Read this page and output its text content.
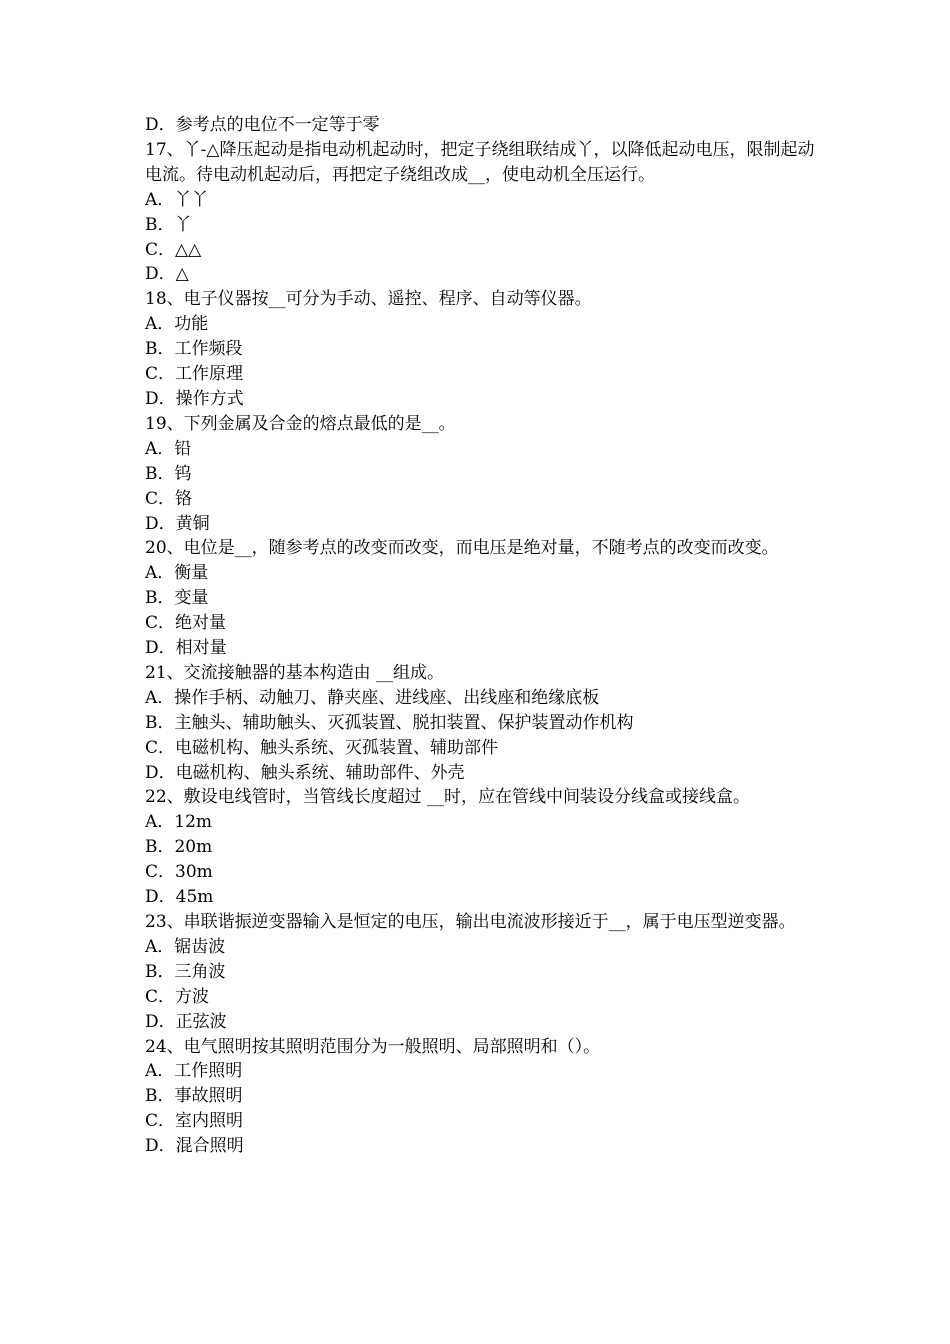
D．参考点的电位不一定等于零

17、丫-△降压起动是指电动机起动时，把定子绕组联结成丫，以降低起动电压，限制起动电流。待电动机起动后，再把定子绕组改成__，使电动机全压运行。

A．丫丫

B．丫

C．△△

D．△

18、电子仪器按__可分为手动、遥控、程序、自动等仪器。

A．功能

B．工作频段

C．工作原理

D．操作方式

19、下列金属及合金的熔点最低的是__。

A．铅

B．钨

C．铬

D．黄铜

20、电位是__，随参考点的改变而改变，而电压是绝对量，不随考点的改变而改变。

A．衡量

B．变量

C．绝对量

D．相对量

21、交流接触器的基本构造由 __组成。

A．操作手柄、动触刀、静夹座、进线座、出线座和绝缘底板

B．主触头、辅助触头、灭孤装置、脱扣装置、保护装置动作机构

C．电磁机构、触头系统、灭孤装置、辅助部件

D．电磁机构、触头系统、辅助部件、外壳

22、敷设电线管时，当管线长度超过 __时，应在管线中间装设分线盒或接线盒。

A．12m

B．20m

C．30m

D．45m

23、串联谐振逆变器输入是恒定的电压，输出电流波形接近于__，属于电压型逆变器。

A．锯齿波

B．三角波

C．方波

D．正弦波

24、电气照明按其照明范围分为一般照明、局部照明和（）。

A．工作照明

B．事故照明

C．室内照明

D．混合照明
